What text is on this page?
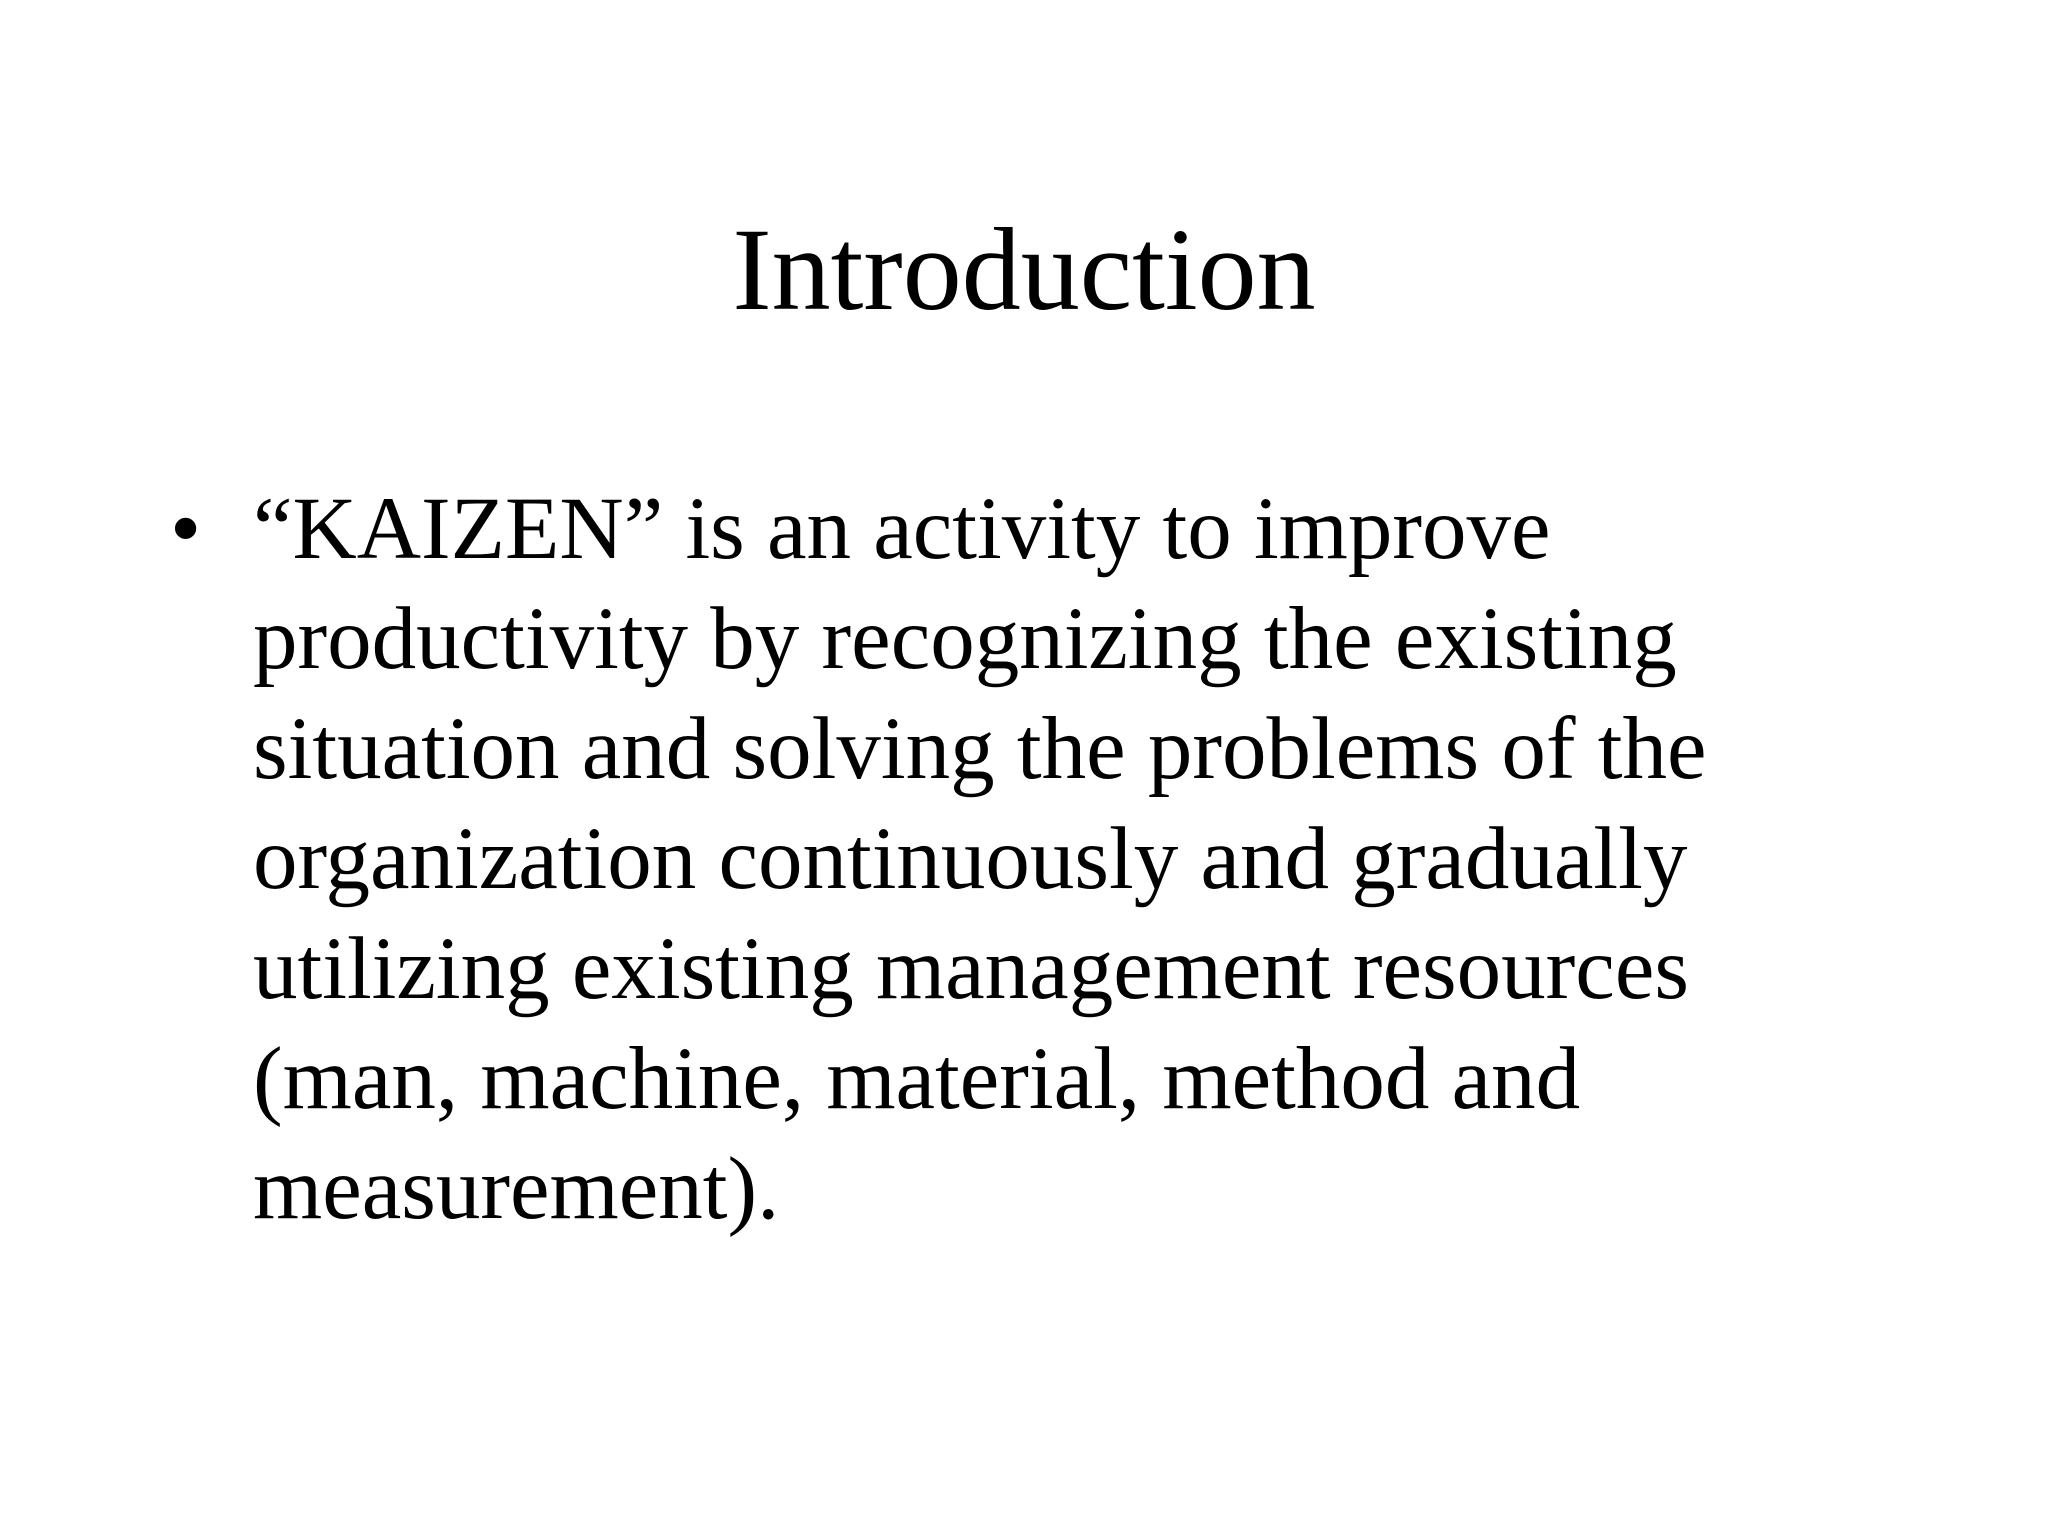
Introduction
• “KAIZEN” is an activity to improve
productivity by recognizing the existing
situation and solving the problems of the
organization continuously and gradually
utilizing existing management resources
(man, machine, material, method and
measurement).
